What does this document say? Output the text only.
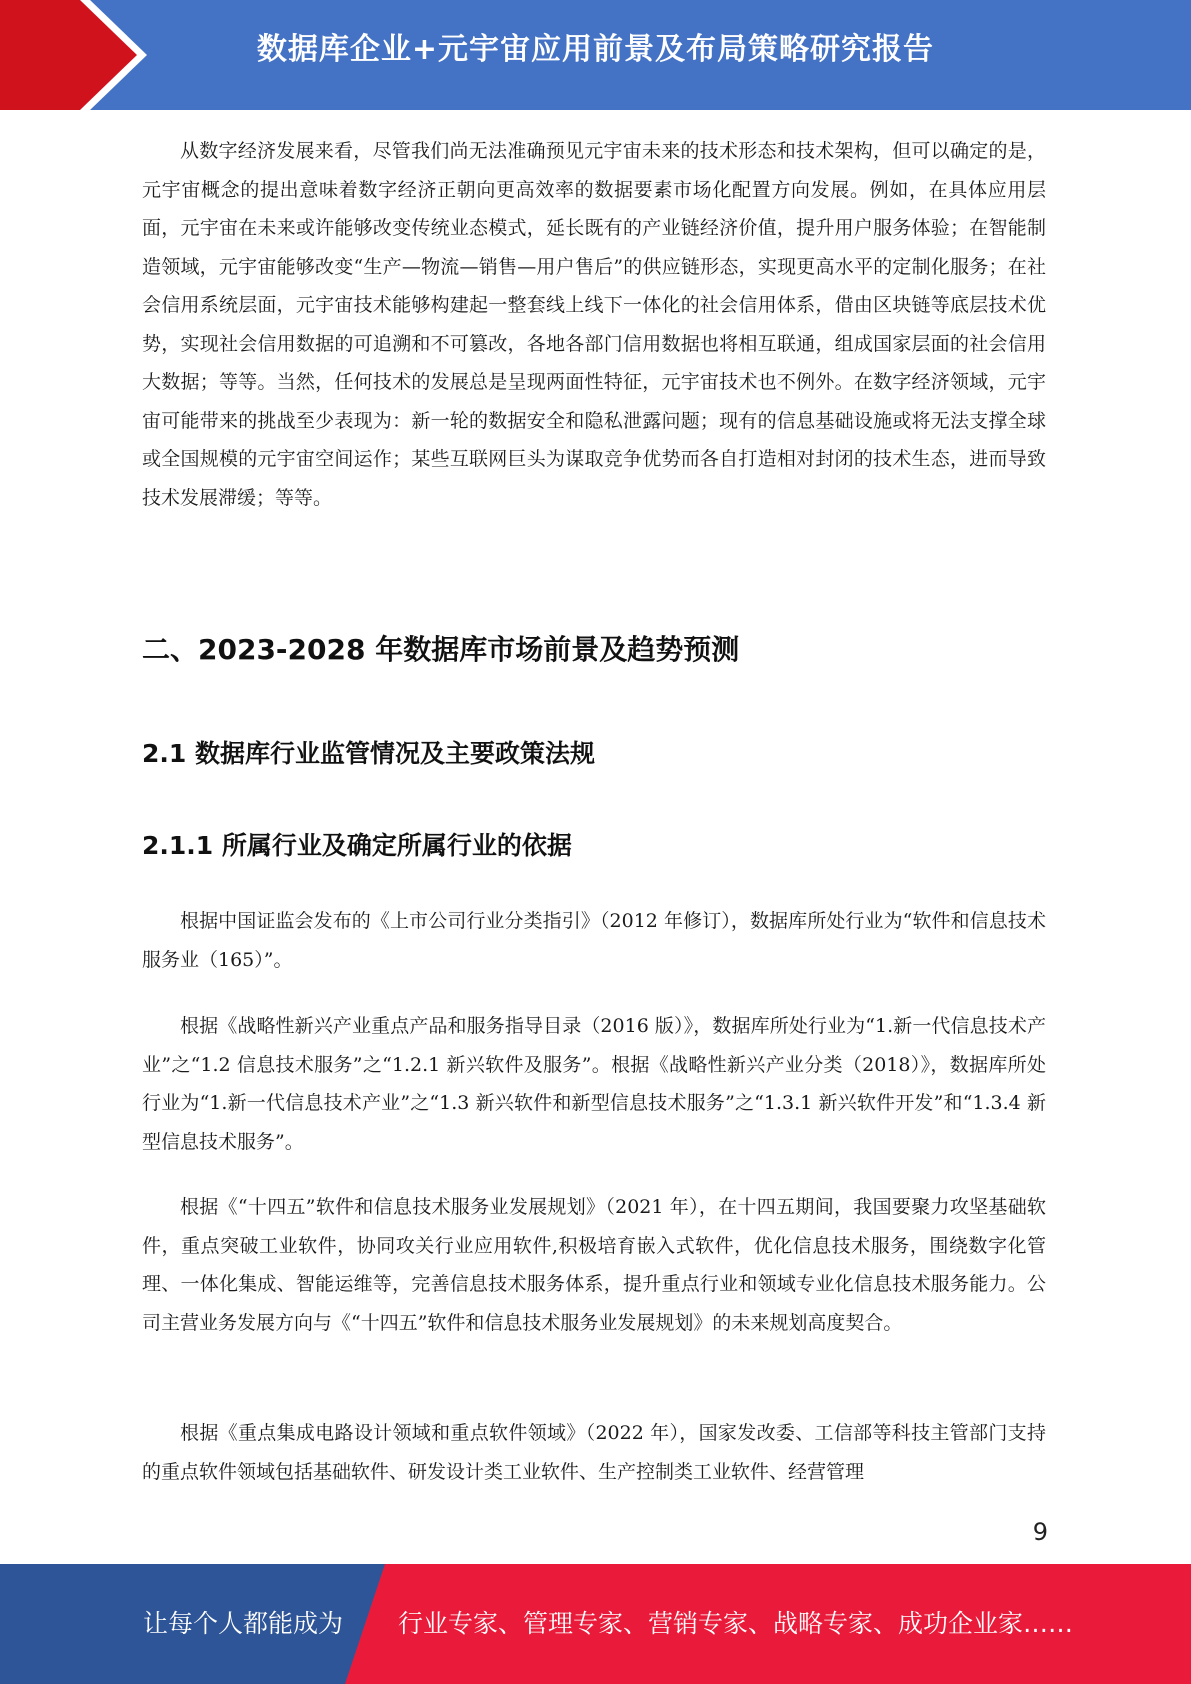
数据库企业+元宇宙应用前景及布局策略研究报告

从数字经济发展来看，尽管我们尚无法准确预见元宇宙未来的技术形态和技术架构，但可以确定的是，元宇宙概念的提出意味着数字经济正朝向更高效率的数据要素市场化配置方向发展。例如，在具体应用层面，元宇宙在未来或许能够改变传统业态模式，延长既有的产业链经济价值，提升用户服务体验；在智能制造领域，元宇宙能够改变“生产—物流—销售—用户售后”的供应链形态，实现更高水平的定制化服务；在社会信用系统层面，元宇宙技术能够构建起一整套线上线下一体化的社会信用体系，借由区块链等底层技术优势，实现社会信用数据的可追溯和不可篡改，各地各部门信用数据也将相互联通，组成国家层面的社会信用大数据；等等。当然，任何技术的发展总是呈现两面性特征，元宇宙技术也不例外。在数字经济领域，元宇宙可能带来的挑战至少表现为：新一轮的数据安全和隐私泄露问题；现有的信息基础设施或将无法支撑全球或全国规模的元宇宙空间运作；某些互联网巨头为谋取竞争优势而各自打造相对封闭的技术生态，进而导致技术发展滞缓；等等。

二、2023-2028 年数据库市场前景及趋势预测
2.1 数据库行业监管情况及主要政策法规
2.1.1 所属行业及确定所属行业的依据

根据中国证监会发布的《上市公司行业分类指引》（2012 年修订），数据库所处行业为“软件和信息技术服务业（165）”。

根据《战略性新兴产业重点产品和服务指导目录（2016 版）》，数据库所处行业为“1.新一代信息技术产业”之“1.2 信息技术服务”之“1.2.1 新兴软件及服务”。根据《战略性新兴产业分类（2018）》，数据库所处行业为“1.新一代信息技术产业”之“1.3 新兴软件和新型信息技术服务”之“1.3.1 新兴软件开发”和“1.3.4 新型信息技术服务”。

根据《“十四五”软件和信息技术服务业发展规划》（2021 年），在十四五期间，我国要聚力攻坚基础软件，重点突破工业软件，协同攻关行业应用软件,积极培育嵌入式软件，优化信息技术服务，围绕数字化管理、一体化集成、智能运维等，完善信息技术服务体系，提升重点行业和领域专业化信息技术服务能力。公司主营业务发展方向与《“十四五”软件和信息技术服务业发展规划》的未来规划高度契合。

根据《重点集成电路设计领域和重点软件领域》（2022 年），国家发改委、工信部等科技主管部门支持的重点软件领域包括基础软件、研发设计类工业软件、生产控制类工业软件、经营管理

9
让每个人都能成为 行业专家、管理专家、营销专家、战略专家、成功企业家……
